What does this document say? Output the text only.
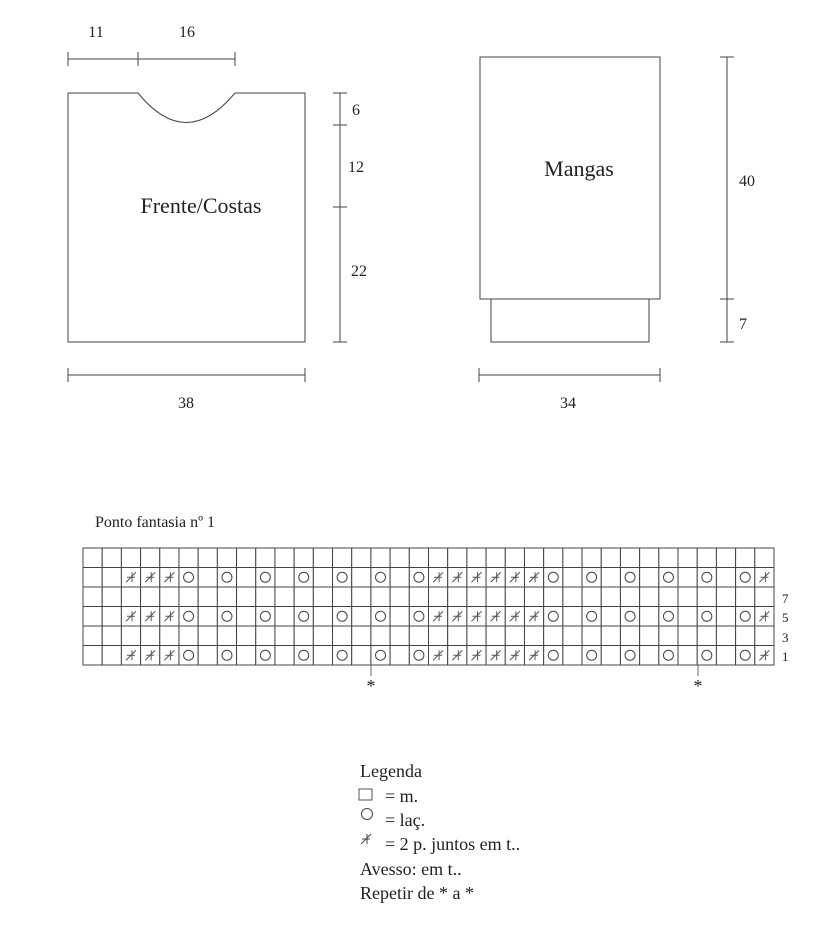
11	16
Frente/Costas
6
12
22
38
Mangas
40
7
34
Ponto fantasia nº 1
7
5
3
1
*	*
Legenda
= m.
= laç.
= 2 p. juntos em t..
Avesso: em t..
Repetir de * a *
